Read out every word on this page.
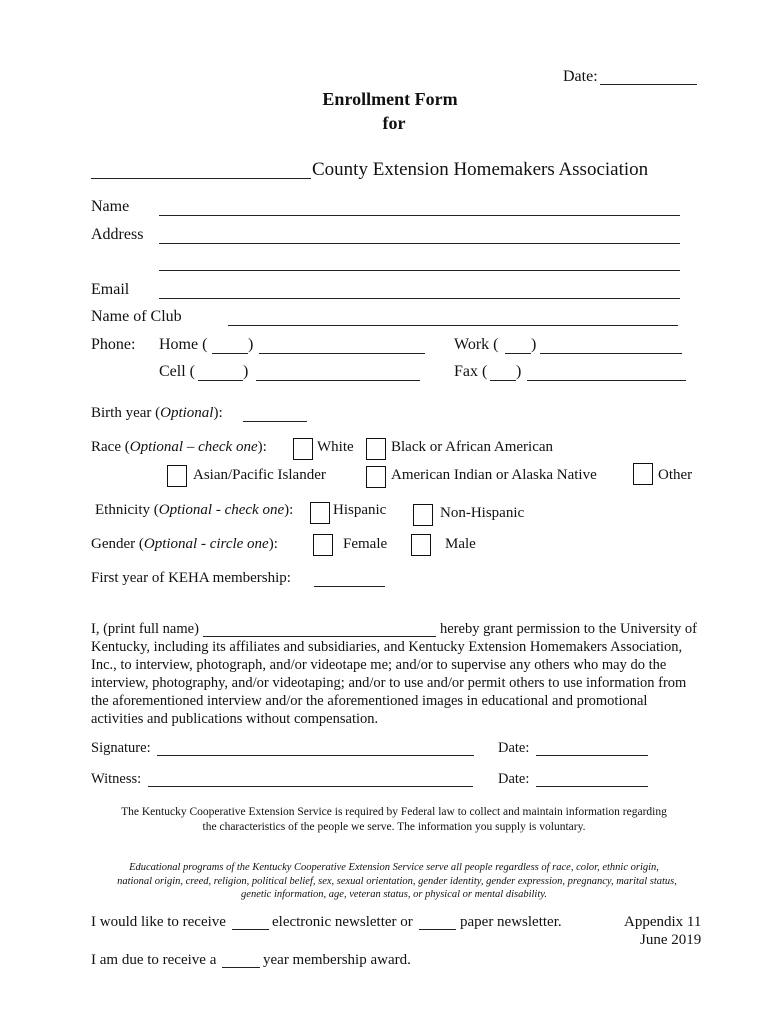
Date:
Enrollment Form
for
County Extension Homemakers Association
Name
Address
Email
Name of Club
Phone: Home (	)	Work ( )
Cell (	)	Fax ( )
Birth year (Optional):
Race (Optional – check one):	White Black or African American
Asian/Pacific Islander	American Indian or Alaska Native	Other
Ethnicity (Optional - check one):	Hispanic	Non-Hispanic
Gender (Optional - circle one):	Female	Male
First year of KEHA membership:
I, (print full name)	hereby grant permission to the University of
Kentucky, including its affiliates and subsidiaries, and Kentucky Extension Homemakers Association,
Inc., to interview, photograph, and/or videotape me; and/or to supervise any others who may do the
interview, photography, and/or videotaping; and/or to use and/or permit others to use information from
the aforementioned interview and/or the aforementioned images in educational and promotional
activities and publications without compensation.
Signature:	Date:
Witness:	Date:
The Kentucky Cooperative Extension Service is required by Federal law to collect and maintain information regarding
the characteristics of the people we serve. The information you supply is voluntary.
Educational programs of the Kentucky Cooperative Extension Service serve all people regardless of race, color, ethnic origin,
national origin, creed, religion, political belief, sex, sexual orientation, gender identity, gender expression, pregnancy, marital status,
genetic information, age, veteran status, or physical or mental disability.
I would like to receive	electronic newsletter or	paper newsletter.	Appendix 11
June 2019
I am due to receive a	year membership award.
